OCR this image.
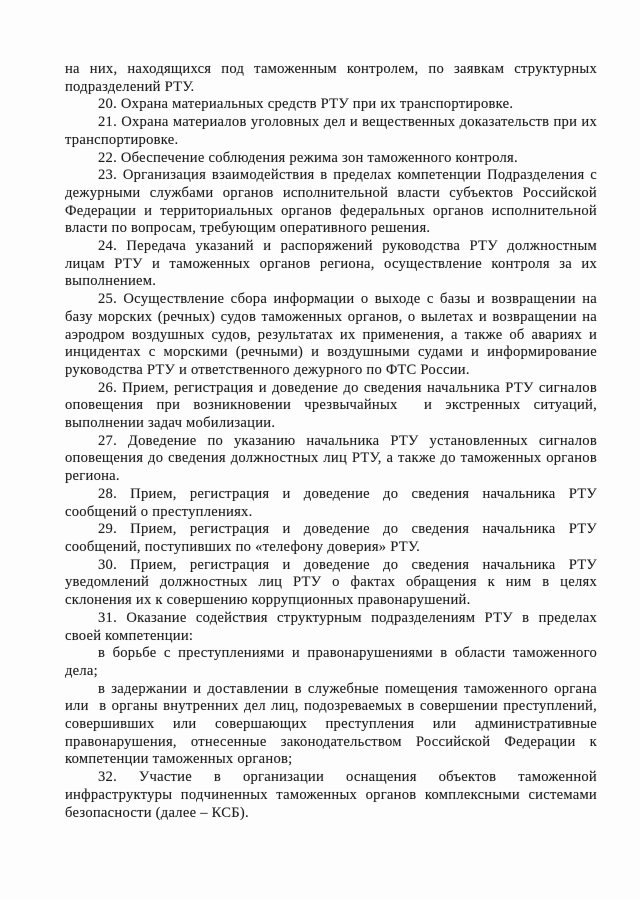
на них, находящихся под таможенным контролем, по заявкам структурных подразделений РТУ.

20. Охрана материальных средств РТУ при их транспортировке.

21. Охрана материалов уголовных дел и вещественных доказательств при их транспортировке.

22. Обеспечение соблюдения режима зон таможенного контроля.

23. Организация взаимодействия в пределах компетенции Подразделения с дежурными службами органов исполнительной власти субъектов Российской Федерации и территориальных органов федеральных органов исполнительной власти по вопросам, требующим оперативного решения.

24. Передача указаний и распоряжений руководства РТУ должностным лицам РТУ и таможенных органов региона, осуществление контроля за их выполнением.

25. Осуществление сбора информации о выходе с базы и возвращении на базу морских (речных) судов таможенных органов, о вылетах и возвращении на аэродром воздушных судов, результатах их применения, а также об авариях и инцидентах с морскими (речными) и воздушными судами и информирование руководства РТУ и ответственного дежурного по ФТС России.

26. Прием, регистрация и доведение до сведения начальника РТУ сигналов оповещения при возникновении чрезвычайных  и экстренных ситуаций, выполнении задач мобилизации.

27. Доведение по указанию начальника РТУ установленных сигналов оповещения до сведения должностных лиц РТУ, а также до таможенных органов региона.

28. Прием, регистрация и доведение до сведения начальника РТУ сообщений о преступлениях.

29. Прием, регистрация и доведение до сведения начальника РТУ сообщений, поступивших по «телефону доверия» РТУ.

30. Прием, регистрация и доведение до сведения начальника РТУ уведомлений должностных лиц РТУ о фактах обращения к ним в целях склонения их к совершению коррупционных правонарушений.

31. Оказание содействия структурным подразделениям РТУ в пределах своей компетенции:

в борьбе с преступлениями и правонарушениями в области таможенного дела;

в задержании и доставлении в служебные помещения таможенного органа или  в органы внутренних дел лиц, подозреваемых в совершении преступлений, совершивших или совершающих преступления или административные правонарушения, отнесенные законодательством Российской Федерации к компетенции таможенных органов;

32. Участие в организации оснащения объектов таможенной инфраструктуры подчиненных таможенных органов комплексными системами безопасности (далее – КСБ).
